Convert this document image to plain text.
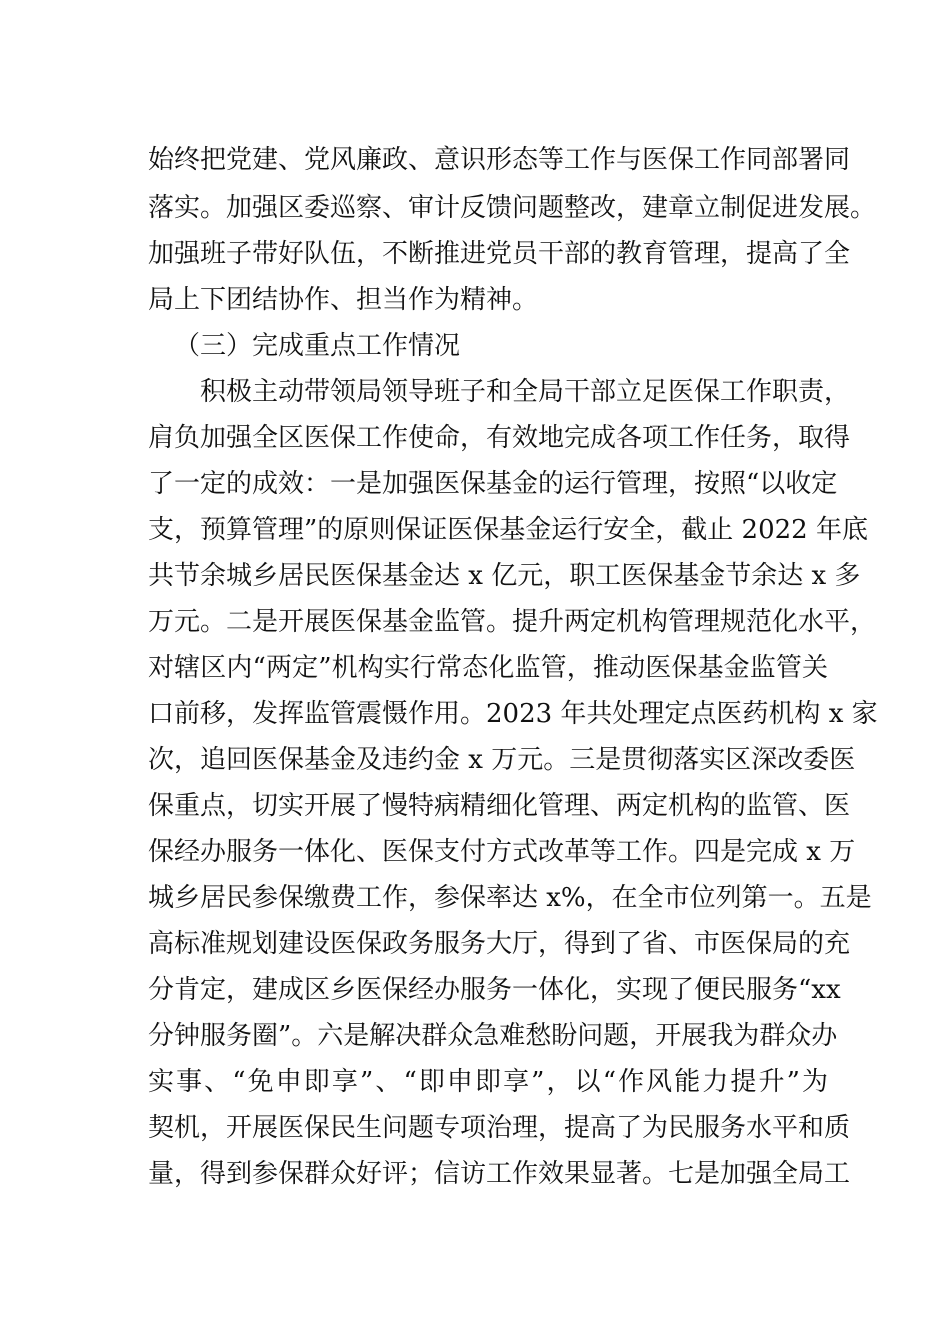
始终把党建、党风廉政、意识形态等工作与医保工作同部署同
落实。加强区委巡察、审计反馈问题整改，建章立制促进发展。
加强班子带好队伍，不断推进党员干部的教育管理，提高了全
局上下团结协作、担当作为精神。
（三）完成重点工作情况
积极主动带领局领导班子和全局干部立足医保工作职责，
肩负加强全区医保工作使命，有效地完成各项工作任务，取得
了一定的成效：一是加强医保基金的运行管理，按照“以收定
支，预算管理”的原则保证医保基金运行安全，截止 2022 年底
共节余城乡居民医保基金达 x 亿元，职工医保基金节余达 x 多
万元。二是开展医保基金监管。提升两定机构管理规范化水平，
对辖区内“两定”机构实行常态化监管，推动医保基金监管关
口前移，发挥监管震慑作用。2023 年共处理定点医药机构 x 家
次，追回医保基金及违约金 x 万元。三是贯彻落实区深改委医
保重点，切实开展了慢特病精细化管理、两定机构的监管、医
保经办服务一体化、医保支付方式改革等工作。四是完成 x 万
城乡居民参保缴费工作，参保率达 x%，在全市位列第一。五是
高标准规划建设医保政务服务大厅，得到了省、市医保局的充
分肯定，建成区乡医保经办服务一体化，实现了便民服务“xx
分钟服务圈”。六是解决群众急难愁盼问题，开展我为群众办
实事、“免申即享”、“即申即享”，以“作风能力提升”为
契机，开展医保民生问题专项治理，提高了为民服务水平和质
量，得到参保群众好评；信访工作效果显著。七是加强全局工
